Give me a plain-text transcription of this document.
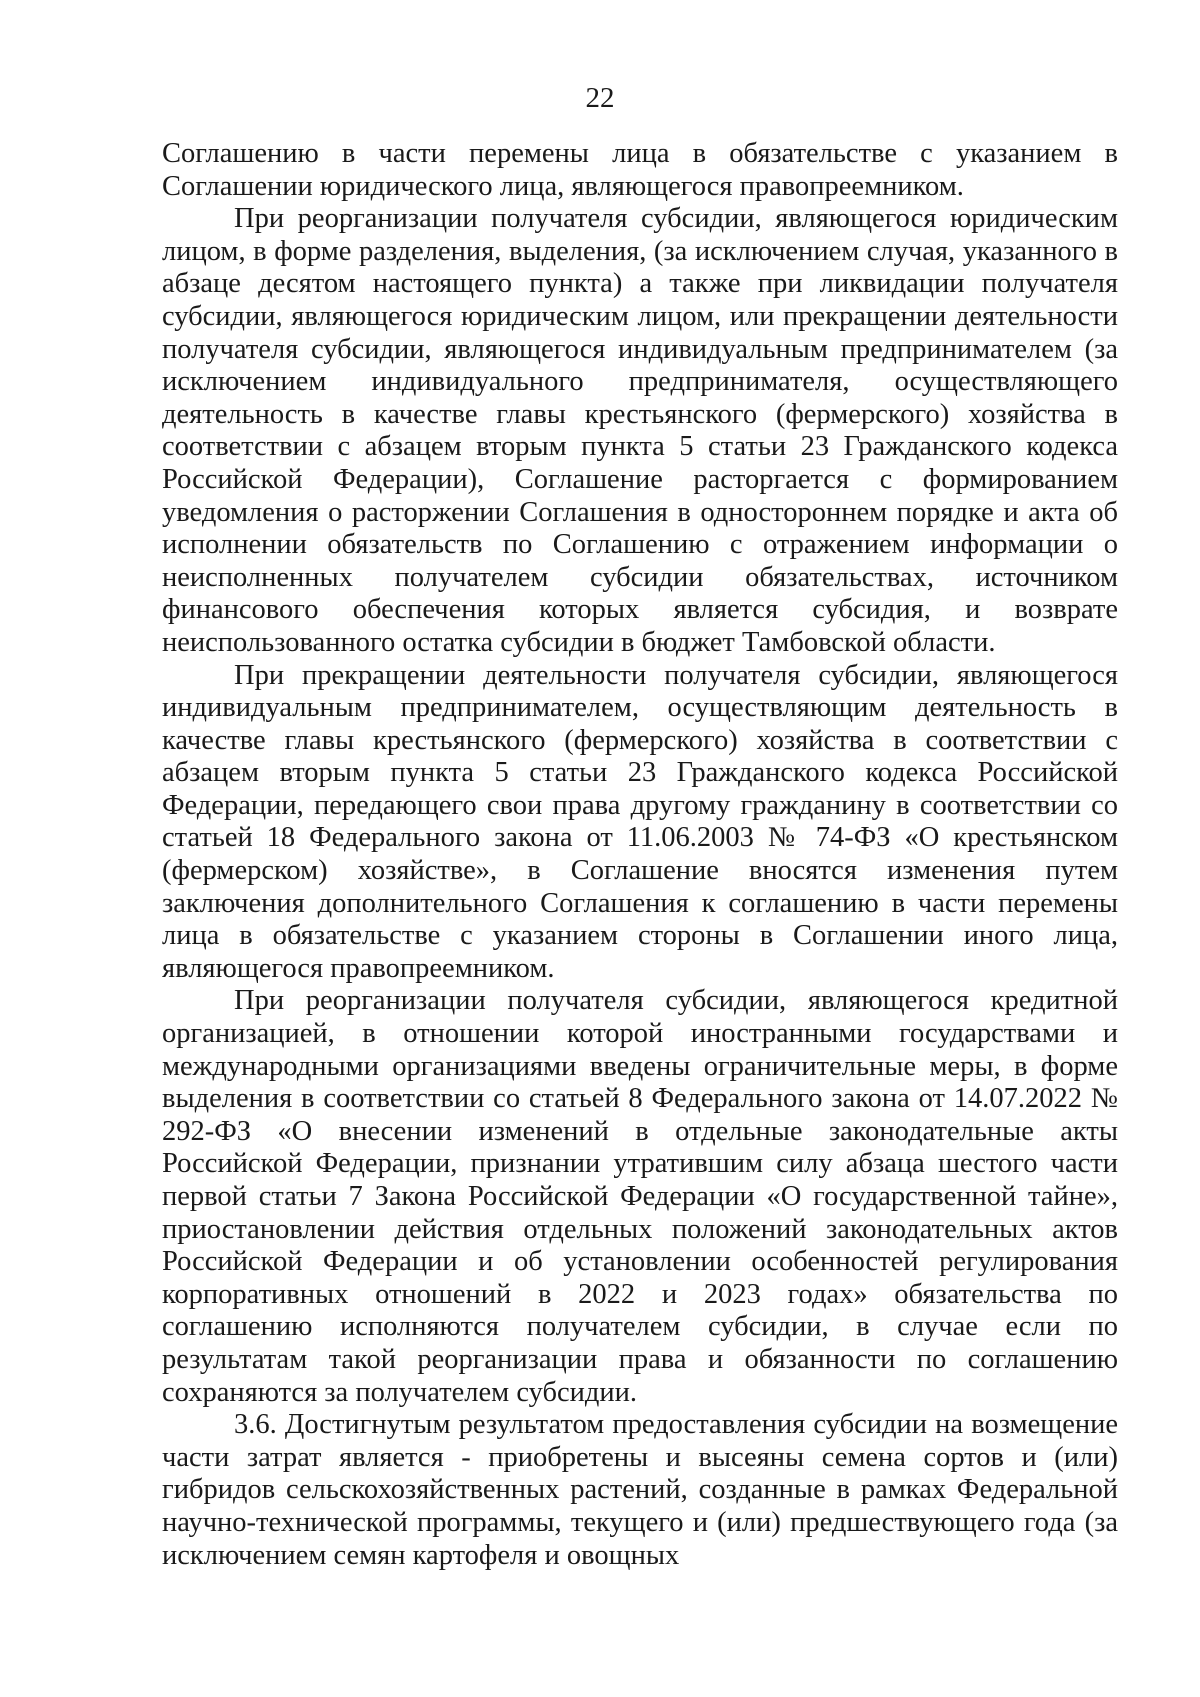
22

Соглашению в части перемены лица в обязательстве с указанием в Соглашении юридического лица, являющегося правопреемником.

При реорганизации получателя субсидии, являющегося юридическим лицом, в форме разделения, выделения, (за исключением случая, указанного в абзаце десятом настоящего пункта) а также при ликвидации получателя субсидии, являющегося юридическим лицом, или прекращении деятельности получателя субсидии, являющегося индивидуальным предпринимателем (за исключением индивидуального предпринимателя, осуществляющего деятельность в качестве главы крестьянского (фермерского) хозяйства в соответствии с абзацем вторым пункта 5 статьи 23 Гражданского кодекса Российской Федерации), Соглашение расторгается с формированием уведомления о расторжении Соглашения в одностороннем порядке и акта об исполнении обязательств по Соглашению с отражением информации о неисполненных получателем субсидии обязательствах, источником финансового обеспечения которых является субсидия, и возврате неиспользованного остатка субсидии в бюджет Тамбовской области.

При прекращении деятельности получателя субсидии, являющегося индивидуальным предпринимателем, осуществляющим деятельность в качестве главы крестьянского (фермерского) хозяйства в соответствии с абзацем вторым пункта 5 статьи 23 Гражданского кодекса Российской Федерации, передающего свои права другому гражданину в соответствии со статьей 18 Федерального закона от 11.06.2003 № 74-ФЗ «О крестьянском (фермерском) хозяйстве», в Соглашение вносятся изменения путем заключения дополнительного Соглашения к соглашению в части перемены лица в обязательстве с указанием стороны в Соглашении иного лица, являющегося правопреемником.

При реорганизации получателя субсидии, являющегося кредитной организацией, в отношении которой иностранными государствами и международными организациями введены ограничительные меры, в форме выделения в соответствии со статьей 8 Федерального закона от 14.07.2022 № 292-ФЗ «О внесении изменений в отдельные законодательные акты Российской Федерации, признании утратившим силу абзаца шестого части первой статьи 7 Закона Российской Федерации «О государственной тайне», приостановлении действия отдельных положений законодательных актов Российской Федерации и об установлении особенностей регулирования корпоративных отношений в 2022 и 2023 годах» обязательства по соглашению исполняются получателем субсидии, в случае если по результатам такой реорганизации права и обязанности по соглашению сохраняются за получателем субсидии.

3.6. Достигнутым результатом предоставления субсидии на возмещение части затрат является - приобретены и высеяны семена сортов и (или) гибридов сельскохозяйственных растений, созданные в рамках Федеральной научно-технической программы, текущего и (или) предшествующего года (за исключением семян картофеля и овощных
